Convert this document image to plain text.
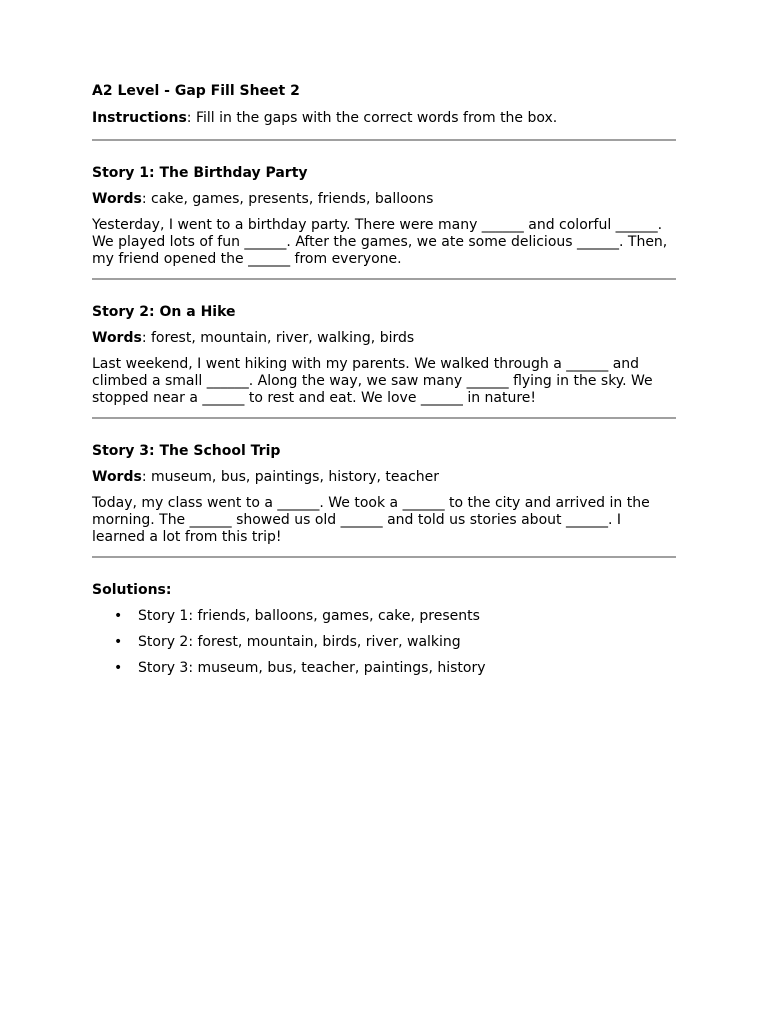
A2 Level - Gap Fill Sheet 2

Instructions: Fill in the gaps with the correct words from the box.

Story 1: The Birthday Party

Words: cake, games, presents, friends, balloons

Yesterday, I went to a birthday party. There were many ______ and colorful ______. We played lots of fun ______. After the games, we ate some delicious ______. Then, my friend opened the ______ from everyone.

Story 2: On a Hike

Words: forest, mountain, river, walking, birds

Last weekend, I went hiking with my parents. We walked through a ______ and climbed a small ______. Along the way, we saw many ______ flying in the sky. We stopped near a ______ to rest and eat. We love ______ in nature!

Story 3: The School Trip

Words: museum, bus, paintings, history, teacher

Today, my class went to a ______. We took a ______ to the city and arrived in the morning. The ______ showed us old ______ and told us stories about ______. I learned a lot from this trip!

Solutions:

• Story 1: friends, balloons, games, cake, presents
• Story 2: forest, mountain, birds, river, walking
• Story 3: museum, bus, teacher, paintings, history
